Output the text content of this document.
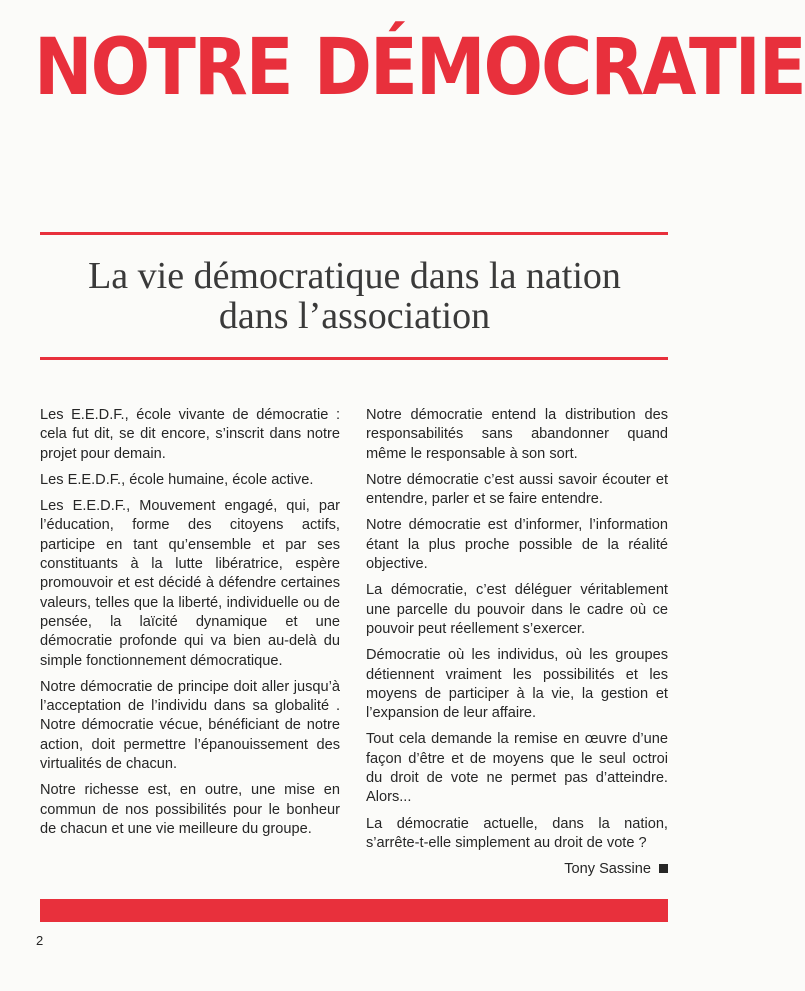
NOTRE DÉMOCRATIE
La vie démocratique dans la nation
dans l’association

Les E.E.D.F., école vivante de démocratie : cela fut dit, se dit encore, s’inscrit dans notre projet pour demain.

Les E.E.D.F., école humaine, école active.

Les E.E.D.F., Mouvement engagé, qui, par l’éducation, forme des citoyens actifs, participe en tant qu’ensemble et par ses constituants à la lutte libératrice, espère promouvoir et est décidé à défendre certaines valeurs, telles que la liberté, individuelle ou de pensée, la laïcité dynamique et une démocratie profonde qui va bien au-delà du simple fonctionnement démocratique.

Notre démocratie de principe doit aller jusqu’à l’acceptation de l’individu dans sa globalité . Notre démocratie vécue, bénéficiant de notre action, doit permettre l’épanouissement des virtualités de chacun.

Notre richesse est, en outre, une mise en commun de nos possibilités pour le bonheur de chacun et une vie meilleure du groupe.

Notre démocratie entend la distribution des responsabilités sans abandonner quand même le responsable à son sort.

Notre démocratie c’est aussi savoir écouter et entendre, parler et se faire entendre.

Notre démocratie est d’informer, l’information étant la plus proche possible de la réalité objective.

La démocratie, c’est déléguer véritablement une parcelle du pouvoir dans le cadre où ce pouvoir peut réellement s’exercer.

Démocratie où les individus, où les groupes détiennent vraiment les possibilités et les moyens de participer à la vie, la gestion et l’expansion de leur affaire.

Tout cela demande la remise en œuvre d’une façon d’être et de moyens que le seul octroi du droit de vote ne permet pas d’atteindre. Alors...

La démocratie actuelle, dans la nation, s’arrête-t-elle simplement au droit de vote ?

Tony Sassine

2
